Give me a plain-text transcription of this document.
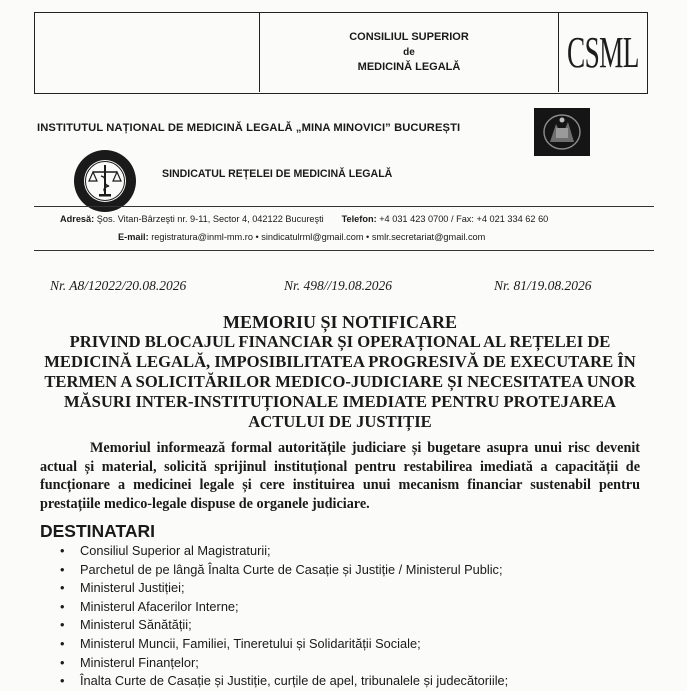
CONSILIUL SUPERIOR
de
MEDICINĂ LEGALĂ CSML
INSTITUTUL NAȚIONAL DE MEDICINĂ LEGALĂ „MINA MINOVICI” BUCUREȘTI
SINDICATUL REȚELEI DE MEDICINĂ LEGALĂ
Adresă: Şos. Vitan-Bârzeşti nr. 9-11, Sector 4, 042122 Bucureşti Telefon: +4 031 423 0700 / Fax: +4 021 334 62 60
E-mail: registratura@inml-mm.ro • sindicatulrml@gmail.com • smlr.secretariat@gmail.com
Nr. A8/12022/20.08.2026	Nr. 498//19.08.2026	Nr. 81/19.08.2026
MEMORIU ȘI NOTIFICARE
PRIVIND BLOCAJUL FINANCIAR ȘI OPERAȚIONAL AL REȚELEI DE MEDICINĂ LEGALĂ, IMPOSIBILITATEA PROGRESIVĂ DE EXECUTARE ÎN TERMEN A SOLICITĂRILOR MEDICO-JUDICIARE ȘI NECESITATEA UNOR MĂSURI INTER-INSTITUȚIONALE IMEDIATE PENTRU PROTEJAREA ACTULUI DE JUSTIȚIE
Memoriul informează formal autoritățile judiciare și bugetare asupra unui risc devenit actual și material, solicită sprijinul instituțional pentru restabilirea imediată a capacității de funcționare a medicinei legale și cere instituirea unui mecanism financiar sustenabil pentru prestațiile medico-legale dispuse de organele judiciare.
DESTINATARI
• Consiliul Superior al Magistraturii;
• Parchetul de pe lângă Înalta Curte de Casație și Justiție / Ministerul Public;
• Ministerul Justiției;
• Ministerul Afacerilor Interne;
• Ministerul Sănătății;
• Ministerul Muncii, Familiei, Tineretului și Solidarității Sociale;
• Ministerul Finanțelor;
• Înalta Curte de Casație și Justiție, curțile de apel, tribunalele și judecătoriile;
